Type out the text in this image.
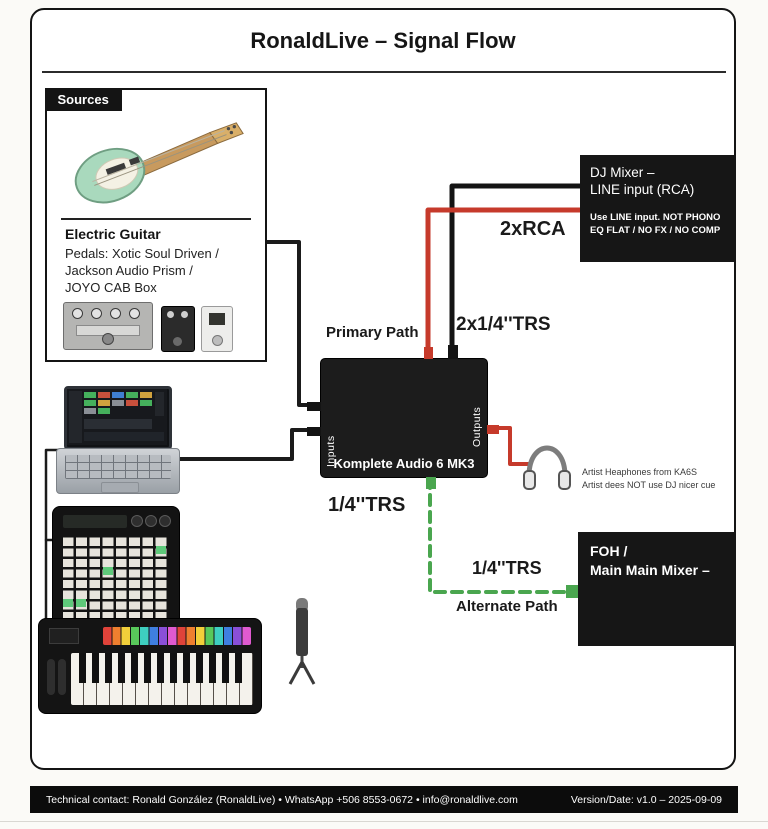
RonaldLive – Signal Flow
Sources
Electric Guitar
Pedals: Xotic Soul Driven /
Jackson Audio Prism /
JOYO CAB Box
Inputs
Outputs
Komplete Audio 6 MK3
Primary Path
2xRCA
2x1/4''TRS
1/4''TRS
1/4''TRS
Alternate Path
DJ Mixer –
LINE input (RCA)
Use LINE input. NOT PHONO
EQ FLAT / NO FX / NO COMP
Artist Heaphones from KA6S
Artist dees NOT use DJ nicer cue
FOH /
Main Main Mixer –
Technical contact: Ronald González (RonaldLive) • WhatsApp +506 8553-0672 • info@ronaldlive.com	Version/Date: v1.0 – 2025-09-09
